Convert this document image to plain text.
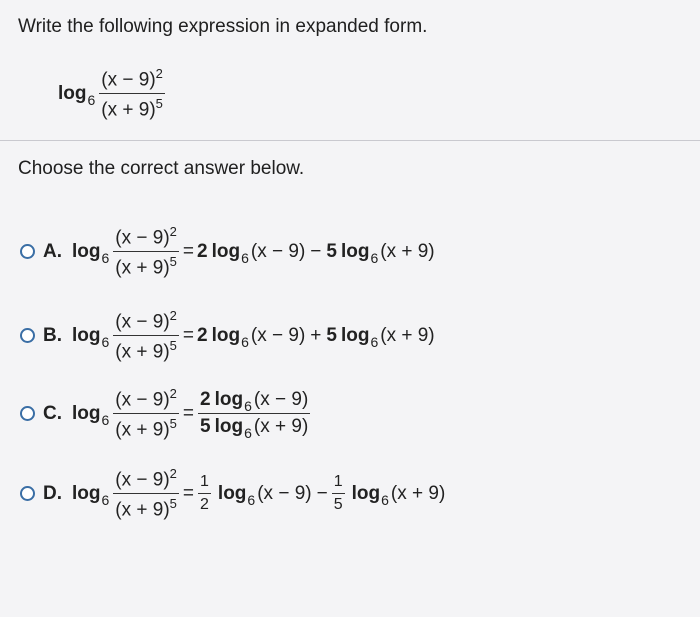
Write the following expression in expanded form.
$\log 6 \frac{(x - 9)^2}{(x + 9)^5}$
Choose the correct answer below.
A. $\log 6 \frac{(x - 9)^2}{(x + 9)^5} = 2$ log 6 (x − 9) − 5 log 6 (x + 9)
B. $\log 6 \frac{(x - 9)^2}{(x + 9)^5} = 2$ log 6 (x − 9) + 5 log 6 (x + 9)
C. $\log 6 \frac{(x - 9)^2}{(x + 9)^5} = \frac{2 \log_6 (x - 9)}{5 \log_6 (x + 9)}$
D. $\log 6 \frac{(x - 9)^2}{(x + 9)^5} = \frac{1}{2}$ log 6 $(x - 9) - \frac{1}{5}$ log 6 (x + 9)
